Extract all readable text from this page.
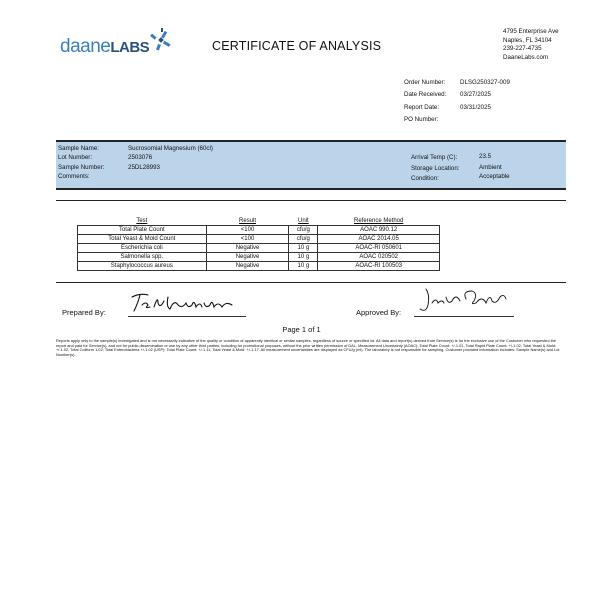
daaneLABS	CERTIFICATE OF ANALYSIS
4795 Enterprise Ave
Naples, FL 34104
239-227-4735
DaaneLabs.com
Order Number: DLSG250327-009
Date Received: 03/27/2025
Report Date:	03/31/2025
PO Number:
Sample Name:	Sucrosomial Magnesium (60cl)
Lot Number:	2503076
Sample Number:	25DL28993
Comments:
Arrival Temp (C):	23.5
Storage Location:	Ambient
Condition:	Acceptable
Test	Result	Unit	Reference Method
Total Plate Count	<100	cfu/g	AOAC 990.12
Total Yeast & Mold Count	<100	cfu/g	AOAC 2014.05
Escherichia coli	Negative	10 g	AOAC-RI 050601
Salmonella spp.	Negative	10 g	AOAC 020502
Staphylococcus aureus	Negative	10 g	AOAC-RI 100503
Prepared By:	Approved By:
Page 1 of 1
Reports apply only to the sample(s) investigated and is not necessarily indicative of the quality or condition of apparently identical or similar samples, regardless of source or specified lot. All data and report(s) derived from Service(s) is for the exclusive use of the Customer who requested the report and paid for Service(s), and not for public dissemination or use by any other third parties, including for promotional purposes, without the prior written permission of DAL. Measurement Uncertainty (AOAC): Total Plate Count: +/-1.01, Total Rapid Plate Count: +/-1.02, Total Yeast & Mold: +/-1.02, Total Coliform 1.02, Total Enterobacteria +/-1.02 (USP): Total Plate Count: +/-1.11, Total Yeast & Mold: +/-1.17. All measurement uncertainties are displayed as CFU/g (ml). The laboratory is not responsible for sampling. Customer provided information includes: Sample Name(s) and Lot Number(s).
